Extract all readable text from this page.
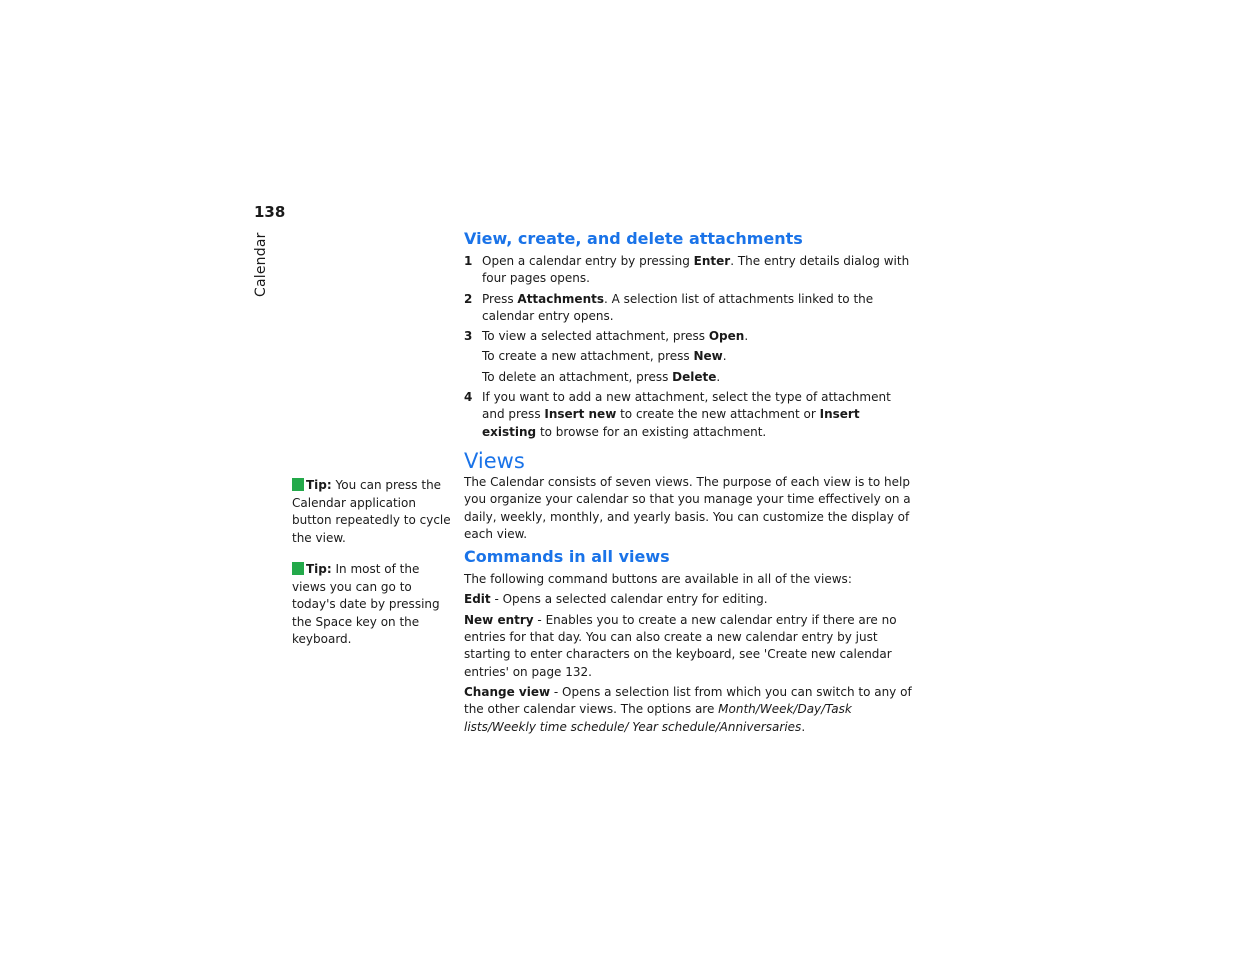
138
Calendar
Tip: You can press the Calendar application button repeatedly to cycle the view.
Tip: In most of the views you can go to today's date by pressing the Space key on the keyboard.
View, create, and delete attachments
1 Open a calendar entry by pressing Enter. The entry details dialog with four pages opens.
2 Press Attachments. A selection list of attachments linked to the calendar entry opens.
3 To view a selected attachment, press Open.
To create a new attachment, press New.
To delete an attachment, press Delete.
4 If you want to add a new attachment, select the type of attachment and press Insert new to create the new attachment or Insert existing to browse for an existing attachment.
Views

The Calendar consists of seven views. The purpose of each view is to help you organize your calendar so that you manage your time effectively on a daily, weekly, monthly, and yearly basis. You can customize the display of each view.

Commands in all views

The following command buttons are available in all of the views:

Edit - Opens a selected calendar entry for editing.

New entry - Enables you to create a new calendar entry if there are no entries for that day. You can also create a new calendar entry by just starting to enter characters on the keyboard, see 'Create new calendar entries' on page 132.

Change view - Opens a selection list from which you can switch to any of the other calendar views. The options are Month/Week/Day/Task lists/Weekly time schedule/ Year schedule/Anniversaries.
